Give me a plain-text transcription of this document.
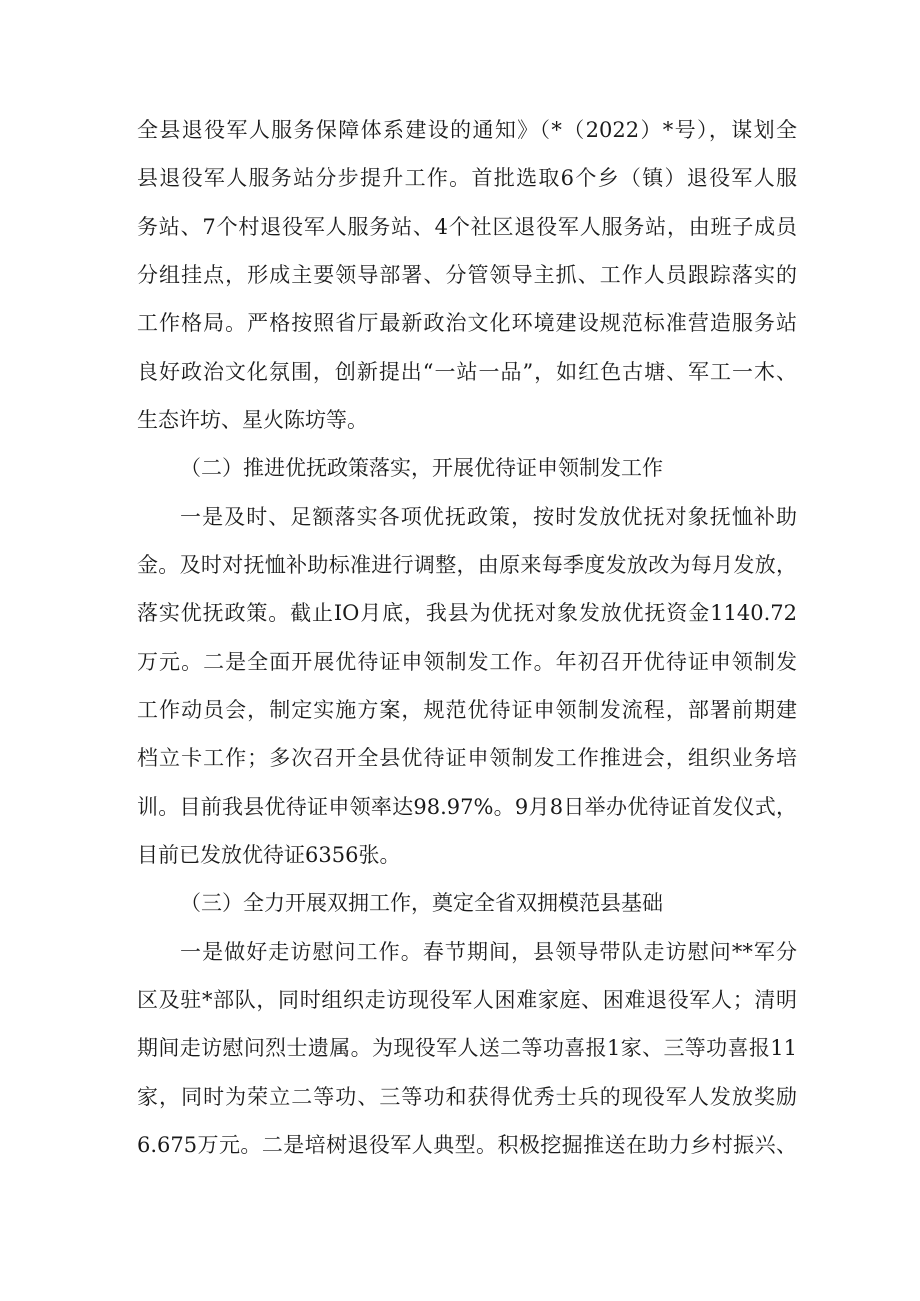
全县退役军人服务保障体系建设的通知》（*（2022）*号），谋划全
县退役军人服务站分步提升工作。首批选取6个乡（镇）退役军人服
务站、7个村退役军人服务站、4个社区退役军人服务站，由班子成员
分组挂点，形成主要领导部署、分管领导主抓、工作人员跟踪落实的
工作格局。严格按照省厅最新政治文化环境建设规范标准营造服务站
良好政治文化氛围，创新提出“一站一品”，如红色古塘、军工一木、
生态许坊、星火陈坊等。
（二）推进优抚政策落实，开展优待证申领制发工作
一是及时、足额落实各项优抚政策，按时发放优抚对象抚恤补助
金。及时对抚恤补助标准进行调整，由原来每季度发放改为每月发放，
落实优抚政策。截止IO月底，我县为优抚对象发放优抚资金1140.72
万元。二是全面开展优待证申领制发工作。年初召开优待证申领制发
工作动员会，制定实施方案，规范优待证申领制发流程，部署前期建
档立卡工作；多次召开全县优待证申领制发工作推进会，组织业务培
训。目前我县优待证申领率达98.97%。9月8日举办优待证首发仪式，
目前已发放优待证6356张。
（三）全力开展双拥工作，奠定全省双拥模范县基础
一是做好走访慰问工作。春节期间，县领导带队走访慰问**军分
区及驻*部队，同时组织走访现役军人困难家庭、困难退役军人；清明
期间走访慰问烈士遗属。为现役军人送二等功喜报1家、三等功喜报11
家，同时为荣立二等功、三等功和获得优秀士兵的现役军人发放奖励
6.675万元。二是培树退役军人典型。积极挖掘推送在助力乡村振兴、
